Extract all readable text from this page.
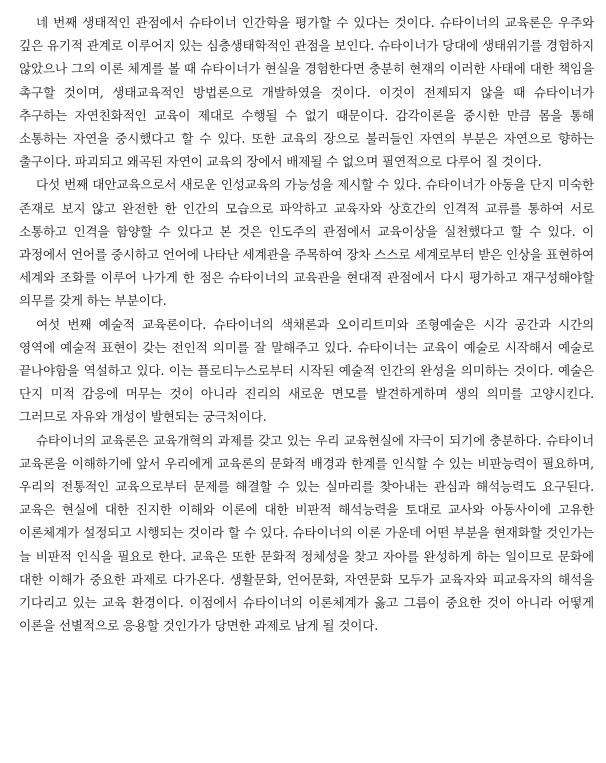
네 번째 생태적인 관점에서 슈타이너 인간학을 평가할 수 있다는 것이다. 슈타이너의 교육론은 우주와 깊은 유기적 관계로 이루어지 있는 심층생태학적인 관점을 보인다. 슈타이너가 당대에 생태위기를 경험하지 않았으나 그의 이론 체계를 볼 때 슈타이너가 현실을 경험한다면 충분히 현재의 이러한 사태에 대한 책임을 촉구할 것이며, 생태교육적인 방법론으로 개발하였을 것이다. 이것이 전제되지 않을 때 슈타이너가 추구하는 자연친화적인 교육이 제대로 수행될 수 없기 때문이다. 감각이론을 중시한 만큼 몸을 통해 소통하는 자연을 중시했다고 할 수 있다. 또한 교육의 장으로 불러들인 자연의 부분은 자연으로 향하는 출구이다. 파괴되고 왜곡된 자연이 교육의 장에서 배제될 수 없으며 필연적으로 다루어 질 것이다.

다섯 번째 대안교육으로서 새로운 인성교육의 가능성을 제시할 수 있다. 슈타이너가 아동을 단지 미숙한 존재로 보지 않고 완전한 한 인간의 모습으로 파악하고 교육자와 상호간의 인격적 교류를 통하여 서로 소통하고 인격을 함양할 수 있다고 본 것은 인도주의 관점에서 교육이상을 실천했다고 할 수 있다. 이 과정에서 언어를 중시하고 언어에 나타난 세계관을 주목하여 장차 스스로 세계로부터 받은 인상을 표현하여 세계와 조화를 이루어 나가게 한 점은 슈타이너의 교육관을 현대적 관점에서 다시 평가하고 재구성해야할 의무를 갖게 하는 부분이다.

여섯 번째 예술적 교육론이다. 슈타이너의 색채론과 오이리트미와 조형예술은 시각 공간과 시간의 영역에 예술적 표현이 갖는 전인적 의미를 잘 말해주고 있다. 슈타이너는 교육이 예술로 시작해서 예술로 끝나야함을 역설하고 있다. 이는 플로티누스로부터 시작된 예술적 인간의 완성을 의미하는 것이다. 예술은 단지 미적 감응에 머무는 것이 아니라 진리의 새로운 면모를 발견하게하며 생의 의미를 고양시킨다. 그러므로 자유와 개성이 발현되는 궁극처이다.

슈타이너의 교육론은 교육개혁의 과제를 갖고 있는 우리 교육현실에 자극이 되기에 충분하다. 슈타이너 교육론을 이해하기에 앞서 우리에게 교육론의 문화적 배경과 한계를 인식할 수 있는 비판능력이 필요하며, 우리의 전통적인 교육으로부터 문제를 해결할 수 있는 실마리를 찾아내는 관심과 해석능력도 요구된다. 교육은 현실에 대한 진지한 이해와 이론에 대한 비판적 해석능력을 토대로 교사와 아동사이에 고유한 이론체계가 설정되고 시행되는 것이라 할 수 있다. 슈타이너의 이론 가운데 어떤 부분을 현재화할 것인가는 늘 비판적 인식을 필요로 한다. 교육은 또한 문화적 정체성을 찾고 자아를 완성하게 하는 일이므로 문화에 대한 이해가 중요한 과제로 다가온다. 생활문화, 언어문화, 자연문화 모두가 교육자와 피교육자의 해석을 기다리고 있는 교육 환경이다. 이점에서 슈타이너의 이론체계가 옳고 그름이 중요한 것이 아니라 어떻게 이론을 선별적으로 응용할 것인가가 당면한 과제로 남게 될 것이다.
